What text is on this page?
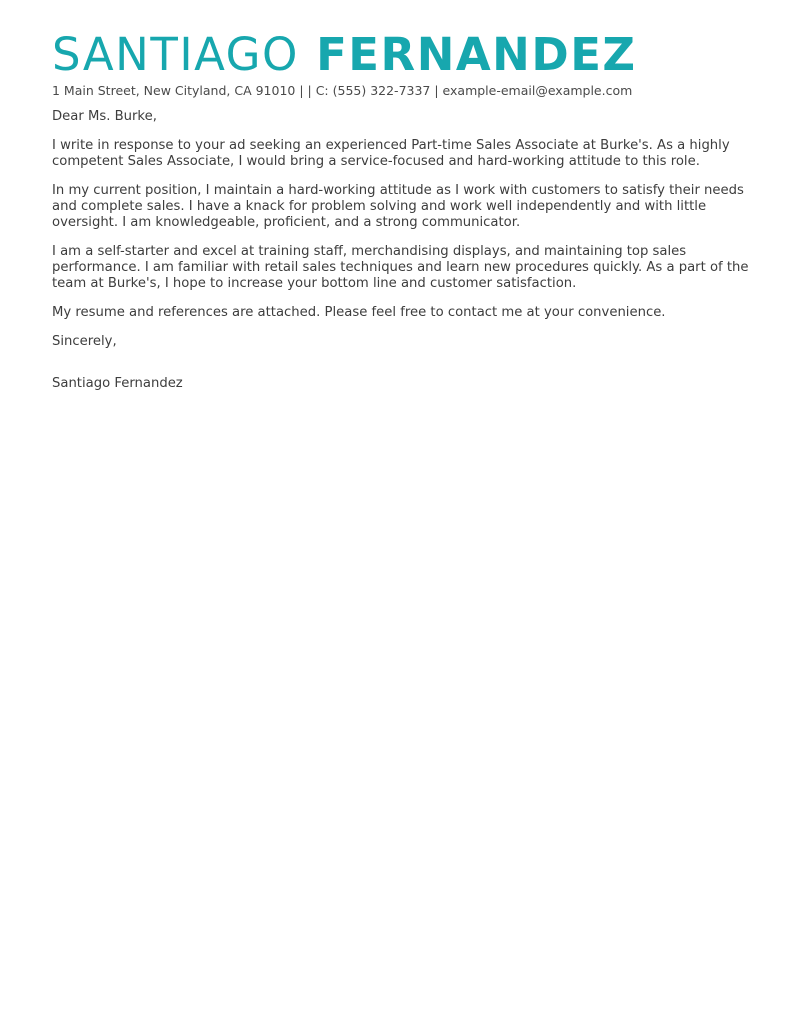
SANTIAGO FERNANDEZ
1 Main Street, New Cityland, CA 91010 | | C: (555) 322-7337 | example-email@example.com

Dear Ms. Burke,

I write in response to your ad seeking an experienced Part-time Sales Associate at Burke's. As a highly competent Sales Associate, I would bring a service-focused and hard-working attitude to this role.

In my current position, I maintain a hard-working attitude as I work with customers to satisfy their needs and complete sales. I have a knack for problem solving and work well independently and with little oversight. I am knowledgeable, proficient, and a strong communicator.

I am a self-starter and excel at training staff, merchandising displays, and maintaining top sales performance. I am familiar with retail sales techniques and learn new procedures quickly. As a part of the team at Burke's, I hope to increase your bottom line and customer satisfaction.

My resume and references are attached. Please feel free to contact me at your convenience.

Sincerely,

Santiago Fernandez
